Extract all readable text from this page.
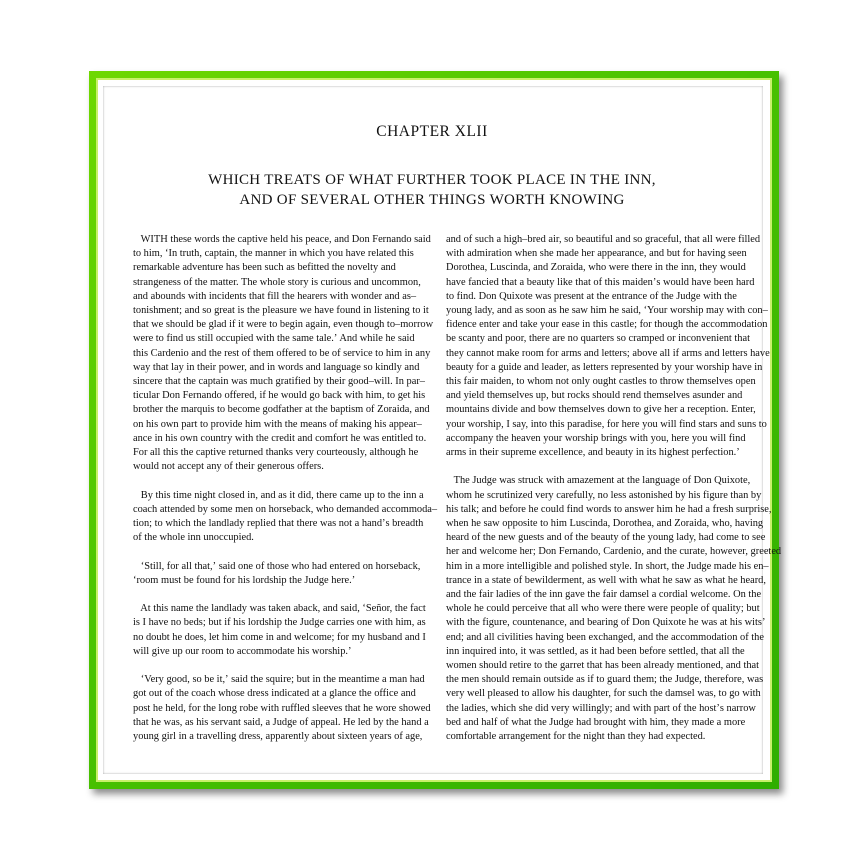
CHAPTER XLII
WHICH TREATS OF WHAT FURTHER TOOK PLACE IN THE INN,
AND OF SEVERAL OTHER THINGS WORTH KNOWING

WITH these words the captive held his peace, and Don Fernando said
to him, ʻIn truth, captain, the manner in which you have related this
remarkable adventure has been such as befitted the novelty and
strangeness of the matter. The whole story is curious and uncommon,
and abounds with incidents that fill the hearers with wonder and as–
tonishment; and so great is the pleasure we have found in listening to it
that we should be glad if it were to begin again, even though to–morrow
were to find us still occupied with the same tale.ʼ And while he said
this Cardenio and the rest of them offered to be of service to him in any
way that lay in their power, and in words and language so kindly and
sincere that the captain was much gratified by their good–will. In par–
ticular Don Fernando offered, if he would go back with him, to get his
brother the marquis to become godfather at the baptism of Zoraida, and
on his own part to provide him with the means of making his appear–
ance in his own country with the credit and comfort he was entitled to.
For all this the captive returned thanks very courteously, although he
would not accept any of their generous offers.

By this time night closed in, and as it did, there came up to the inn a
coach attended by some men on horseback, who demanded accommoda–
tion; to which the landlady replied that there was not a handʼs breadth
of the whole inn unoccupied.

ʻStill, for all that,ʼ said one of those who had entered on horseback,
ʻroom must be found for his lordship the Judge here.ʼ

At this name the landlady was taken aback, and said, ʻSeñor, the fact
is I have no beds; but if his lordship the Judge carries one with him, as
no doubt he does, let him come in and welcome; for my husband and I
will give up our room to accommodate his worship.ʼ

ʻVery good, so be it,ʼ said the squire; but in the meantime a man had
got out of the coach whose dress indicated at a glance the office and
post he held, for the long robe with ruffled sleeves that he wore showed
that he was, as his servant said, a Judge of appeal. He led by the hand a
young girl in a travelling dress, apparently about sixteen years of age,

and of such a high–bred air, so beautiful and so graceful, that all were filled
with admiration when she made her appearance, and but for having seen
Dorothea, Luscinda, and Zoraida, who were there in the inn, they would
have fancied that a beauty like that of this maidenʼs would have been hard
to find. Don Quixote was present at the entrance of the Judge with the
young lady, and as soon as he saw him he said, ʻYour worship may with con–
fidence enter and take your ease in this castle; for though the accommodation
be scanty and poor, there are no quarters so cramped or inconvenient that
they cannot make room for arms and letters; above all if arms and letters have
beauty for a guide and leader, as letters represented by your worship have in
this fair maiden, to whom not only ought castles to throw themselves open
and yield themselves up, but rocks should rend themselves asunder and
mountains divide and bow themselves down to give her a reception. Enter,
your worship, I say, into this paradise, for here you will find stars and suns to
accompany the heaven your worship brings with you, here you will find
arms in their supreme excellence, and beauty in its highest perfection.ʼ

The Judge was struck with amazement at the language of Don Quixote,
whom he scrutinized very carefully, no less astonished by his figure than by
his talk; and before he could find words to answer him he had a fresh surprise,
when he saw opposite to him Luscinda, Dorothea, and Zoraida, who, having
heard of the new guests and of the beauty of the young lady, had come to see
her and welcome her; Don Fernando, Cardenio, and the curate, however, greeted
him in a more intelligible and polished style. In short, the Judge made his en–
trance in a state of bewilderment, as well with what he saw as what he heard,
and the fair ladies of the inn gave the fair damsel a cordial welcome. On the
whole he could perceive that all who were there were people of quality; but
with the figure, countenance, and bearing of Don Quixote he was at his witsʼ
end; and all civilities having been exchanged, and the accommodation of the
inn inquired into, it was settled, as it had been before settled, that all the
women should retire to the garret that has been already mentioned, and that
the men should remain outside as if to guard them; the Judge, therefore, was
very well pleased to allow his daughter, for such the damsel was, to go with
the ladies, which she did very willingly; and with part of the hostʼs narrow
bed and half of what the Judge had brought with him, they made a more
comfortable arrangement for the night than they had expected.
